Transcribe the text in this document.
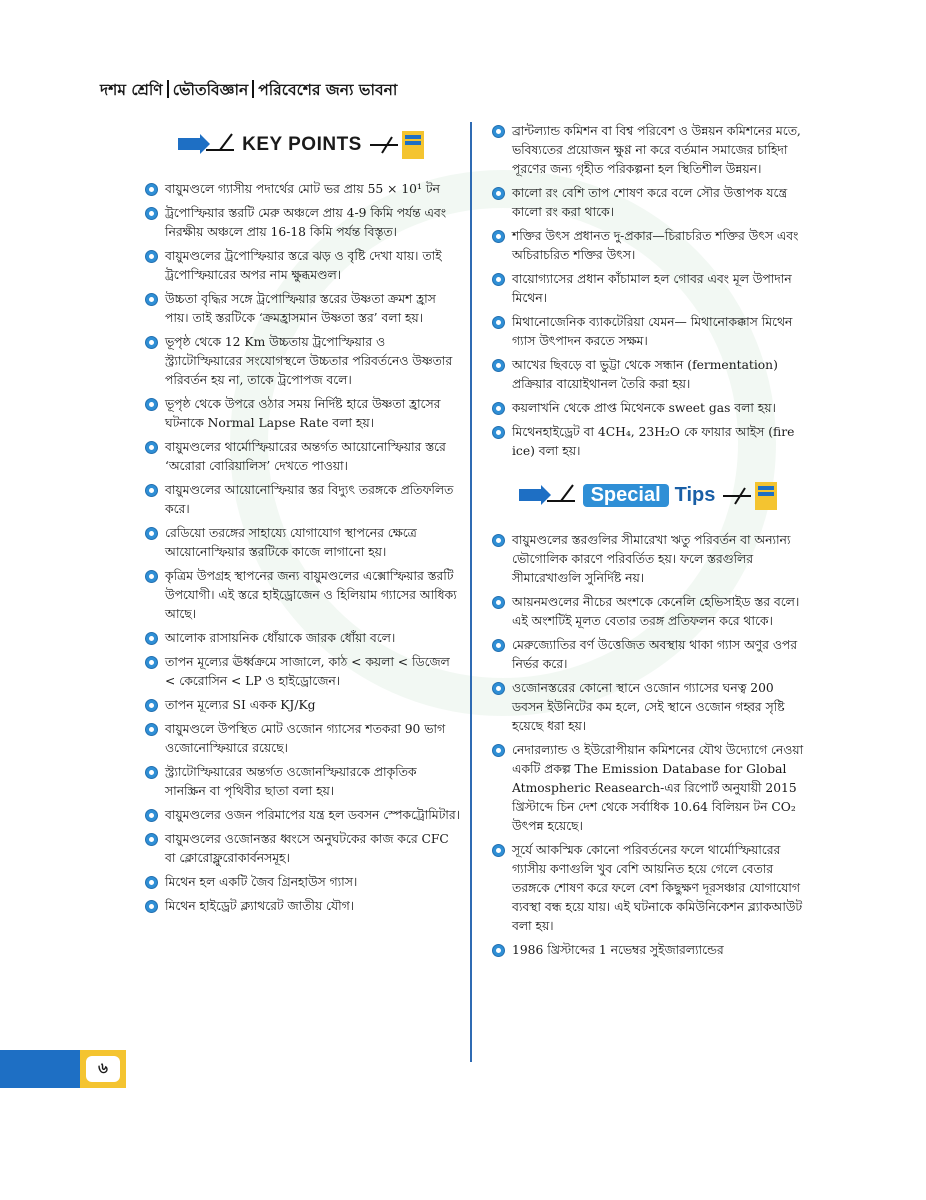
দশম শ্রেণি ভৌতবিজ্ঞান পরিবেশের জন্য ভাবনা
KEY POINTS
বায়ুমণ্ডলে গ্যাসীয় পদার্থের মোট ভর প্রায় 55 × 10¹ টন
ট্রপোস্ফিয়ার স্তরটি মেরু অঞ্চলে প্রায় 4-9 কিমি পর্যন্ত এবং নিরক্ষীয় অঞ্চলে প্রায় 16-18 কিমি পর্যন্ত বিস্তৃত।
বায়ুমণ্ডলের ট্রপোস্ফিয়ার স্তরে ঝড় ও বৃষ্টি দেখা যায়। তাই ট্রপোস্ফিয়ারের অপর নাম ক্ষুব্ধমণ্ডল।
উচ্চতা বৃদ্ধির সঙ্গে ট্রপোস্ফিয়ার স্তরের উষ্ণতা ক্রমশ হ্রাস পায়। তাই স্তরটিকে ‘ক্রমহ্রাসমান উষ্ণতা স্তর’ বলা হয়।
ভূপৃষ্ঠ থেকে 12 Km উচ্চতায় ট্রপোস্ফিয়ার ও স্ট্র্যাটোস্ফিয়ারের সংযোগস্থলে উচ্চতার পরিবর্তনেও উষ্ণতার পরিবর্তন হয় না, তাকে ট্রপোপজ বলে।
ভূপৃষ্ঠ থেকে উপরে ওঠার সময় নির্দিষ্ট হারে উষ্ণতা হ্রাসের ঘটনাকে Normal Lapse Rate বলা হয়।
বায়ুমণ্ডলের থার্মোস্ফিয়ারের অন্তর্গত আয়োনোস্ফিয়ার স্তরে ‘অরোরা বোরিয়ালিস’ দেখতে পাওয়া।
বায়ুমণ্ডলের আয়োনোস্ফিয়ার স্তর বিদ্যুৎ তরঙ্গকে প্রতিফলিত করে।
রেডিয়ো তরঙ্গের সাহায্যে যোগাযোগ স্থাপনের ক্ষেত্রে আয়োনোস্ফিয়ার স্তরটিকে কাজে লাগানো হয়।
কৃত্রিম উপগ্রহ স্থাপনের জন্য বায়ুমণ্ডলের এক্সোস্ফিয়ার স্তরটি উপযোগী। এই স্তরে হাইড্রোজেন ও হিলিয়াম গ্যাসের আধিক্য আছে।
আলোক রাসায়নিক ধোঁয়াকে জারক ধোঁয়া বলে।
তাপন মূল্যের ঊর্ধ্বক্রমে সাজালে, কাঠ < কয়লা < ডিজেল < কেরোসিন < LP ও হাইড্রোজেন।
তাপন মূল্যের SI একক KJ/Kg
বায়ুমণ্ডলে উপস্থিত মোট ওজোন গ্যাসের শতকরা 90 ভাগ ওজোনোস্ফিয়ারে রয়েছে।
স্ট্র্যাটোস্ফিয়ারের অন্তর্গত ওজোনস্ফিয়ারকে প্রাকৃতিক সানস্ক্রিন বা পৃথিবীর ছাতা বলা হয়।
বায়ুমণ্ডলের ওজন পরিমাপের যন্ত্র হল ডবসন স্পেকট্রোমিটার।
বায়ুমণ্ডলের ওজোনস্তর ধ্বংসে অনুঘটকের কাজ করে CFC বা ক্লোরোফ্লুরোকার্বনসমূহ।
মিথেন হল একটি জৈব গ্রিনহাউস গ্যাস।
মিথেন হাইড্রেট ক্ল্যাথরেট জাতীয় যৌগ।
ব্রান্টল্যান্ড কমিশন বা বিশ্ব পরিবেশ ও উন্নয়ন কমিশনের মতে, ভবিষ্যতের প্রয়োজন ক্ষুণ্ণ না করে বর্তমান সমাজের চাহিদা পূরণের জন্য গৃহীত পরিকল্পনা হল স্থিতিশীল উন্নয়ন।
কালো রং বেশি তাপ শোষণ করে বলে সৌর উত্তাপক যন্ত্রে কালো রং করা থাকে।
শক্তির উৎস প্রধানত দু-প্রকার—চিরাচরিত শক্তির উৎস এবং অচিরাচরিত শক্তির উৎস।
বায়োগ্যাসের প্রধান কাঁচামাল হল গোবর এবং মূল উপাদান মিথেন।
মিথানোজেনিক ব্যাকটেরিয়া যেমন— মিথানোকক্কাস মিথেন গ্যাস উৎপাদন করতে সক্ষম।
আখের ছিবড়ে বা ভুট্টা থেকে সন্ধান (fermentation) প্রক্রিয়ার বায়োইথানল তৈরি করা হয়।
কয়লাখনি থেকে প্রাপ্ত মিথেনকে sweet gas বলা হয়।
মিথেনহাইড্রেট বা 4CH₄, 23H₂O কে ফায়ার আইস (fire ice) বলা হয়।
Special Tips
বায়ুমণ্ডলের স্তরগুলির সীমারেখা ঋতু পরিবর্তন বা অন্যান্য ভৌগোলিক কারণে পরিবর্তিত হয়। ফলে স্তরগুলির সীমারেখাগুলি সুনির্দিষ্ট নয়।
আয়নমণ্ডলের নীচের অংশকে কেনেলি হেভিসাইড স্তর বলে। এই অংশটিই মূলত বেতার তরঙ্গ প্রতিফলন করে থাকে।
মেরুজ্যোতির বর্ণ উত্তেজিত অবস্থায় থাকা গ্যাস অণুর ওপর নির্ভর করে।
ওজোনস্তরের কোনো স্থানে ওজোন গ্যাসের ঘনত্ব 200 ডবসন ইউনিটের কম হলে, সেই স্থানে ওজোন গহ্বর সৃষ্টি হয়েছে ধরা হয়।
নেদারল্যান্ড ও ইউরোপীয়ান কমিশনের যৌথ উদ্যোগে নেওয়া একটি প্রকল্প The Emission Database for Global Atmospheric Reasearch-এর রিপোর্ট অনুযায়ী 2015 খ্রিস্টাব্দে চিন দেশ থেকে সর্বাধিক 10.64 বিলিয়ন টন CO₂ উৎপন্ন হয়েছে।
সূর্যে আকস্মিক কোনো পরিবর্তনের ফলে থার্মোস্ফিয়ারের গ্যাসীয় কণাগুলি খুব বেশি আয়নিত হয়ে গেলে বেতার তরঙ্গকে শোষণ করে ফলে বেশ কিছুক্ষণ দূরসঞ্চার যোগাযোগ ব্যবস্থা বন্ধ হয়ে যায়। এই ঘটনাকে কমিউনিকেশন ব্ল্যাকআউট বলা হয়।
1986 খ্রিস্টাব্দের 1 নভেম্বর সুইজারল্যান্ডের
৬
